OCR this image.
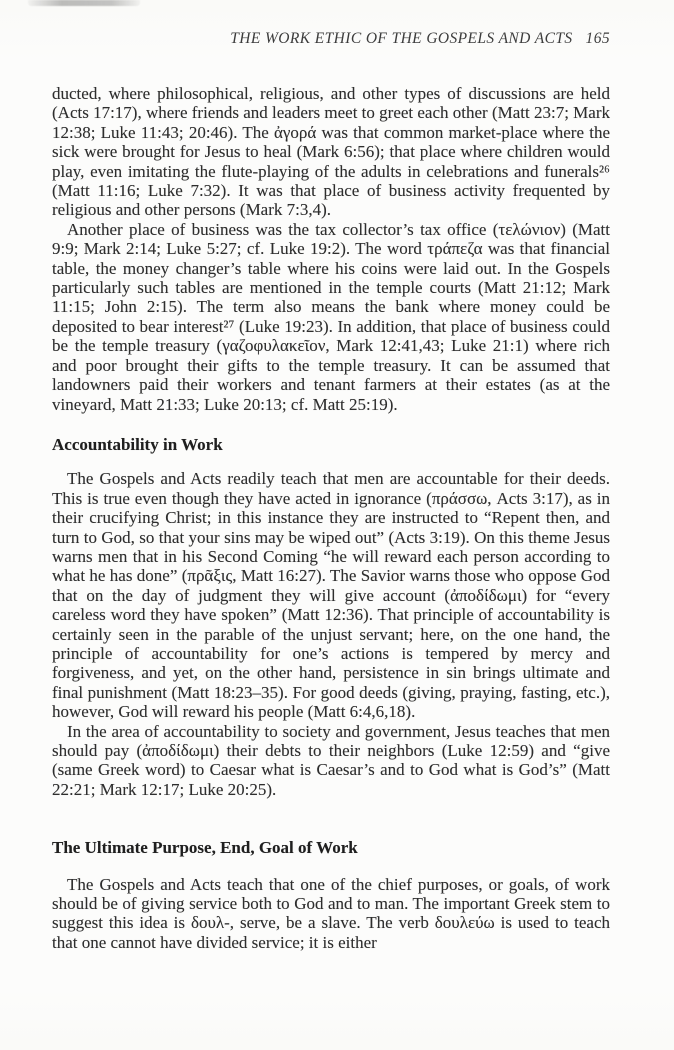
THE WORK ETHIC OF THE GOSPELS AND ACTS 165

ducted, where philosophical, religious, and other types of discussions are held (Acts 17:17), where friends and leaders meet to greet each other (Matt 23:7; Mark 12:38; Luke 11:43; 20:46). The ἀγορά was that common market-place where the sick were brought for Jesus to heal (Mark 6:56); that place where children would play, even imitating the flute-playing of the adults in celebrations and funerals²⁶ (Matt 11:16; Luke 7:32). It was that place of business activity frequented by religious and other persons (Mark 7:3,4).

Another place of business was the tax collector’s tax office (τελώνιον) (Matt 9:9; Mark 2:14; Luke 5:27; cf. Luke 19:2). The word τράπεζα was that financial table, the money changer’s table where his coins were laid out. In the Gospels particularly such tables are mentioned in the temple courts (Matt 21:12; Mark 11:15; John 2:15). The term also means the bank where money could be deposited to bear interest²⁷ (Luke 19:23). In addition, that place of business could be the temple treasury (γαζοφυλακεῖον, Mark 12:41,43; Luke 21:1) where rich and poor brought their gifts to the temple treasury. It can be assumed that landowners paid their workers and tenant farmers at their estates (as at the vineyard, Matt 21:33; Luke 20:13; cf. Matt 25:19).

Accountability in Work

The Gospels and Acts readily teach that men are accountable for their deeds. This is true even though they have acted in ignorance (πράσσω, Acts 3:17), as in their crucifying Christ; in this instance they are instructed to “Repent then, and turn to God, so that your sins may be wiped out” (Acts 3:19). On this theme Jesus warns men that in his Second Coming “he will reward each person according to what he has done” (πρᾶξις, Matt 16:27). The Savior warns those who oppose God that on the day of judgment they will give account (ἀποδίδωμι) for “every careless word they have spoken” (Matt 12:36). That principle of accountability is certainly seen in the parable of the unjust servant; here, on the one hand, the principle of accountability for one’s actions is tempered by mercy and forgiveness, and yet, on the other hand, persistence in sin brings ultimate and final punishment (Matt 18:23–35). For good deeds (giving, praying, fasting, etc.), however, God will reward his people (Matt 6:4,6,18).

In the area of accountability to society and government, Jesus teaches that men should pay (ἀποδίδωμι) their debts to their neighbors (Luke 12:59) and “give (same Greek word) to Caesar what is Caesar’s and to God what is God’s” (Matt 22:21; Mark 12:17; Luke 20:25).

The Ultimate Purpose, End, Goal of Work

The Gospels and Acts teach that one of the chief purposes, or goals, of work should be of giving service both to God and to man. The important Greek stem to suggest this idea is δουλ-, serve, be a slave. The verb δουλεύω is used to teach that one cannot have divided service; it is either
